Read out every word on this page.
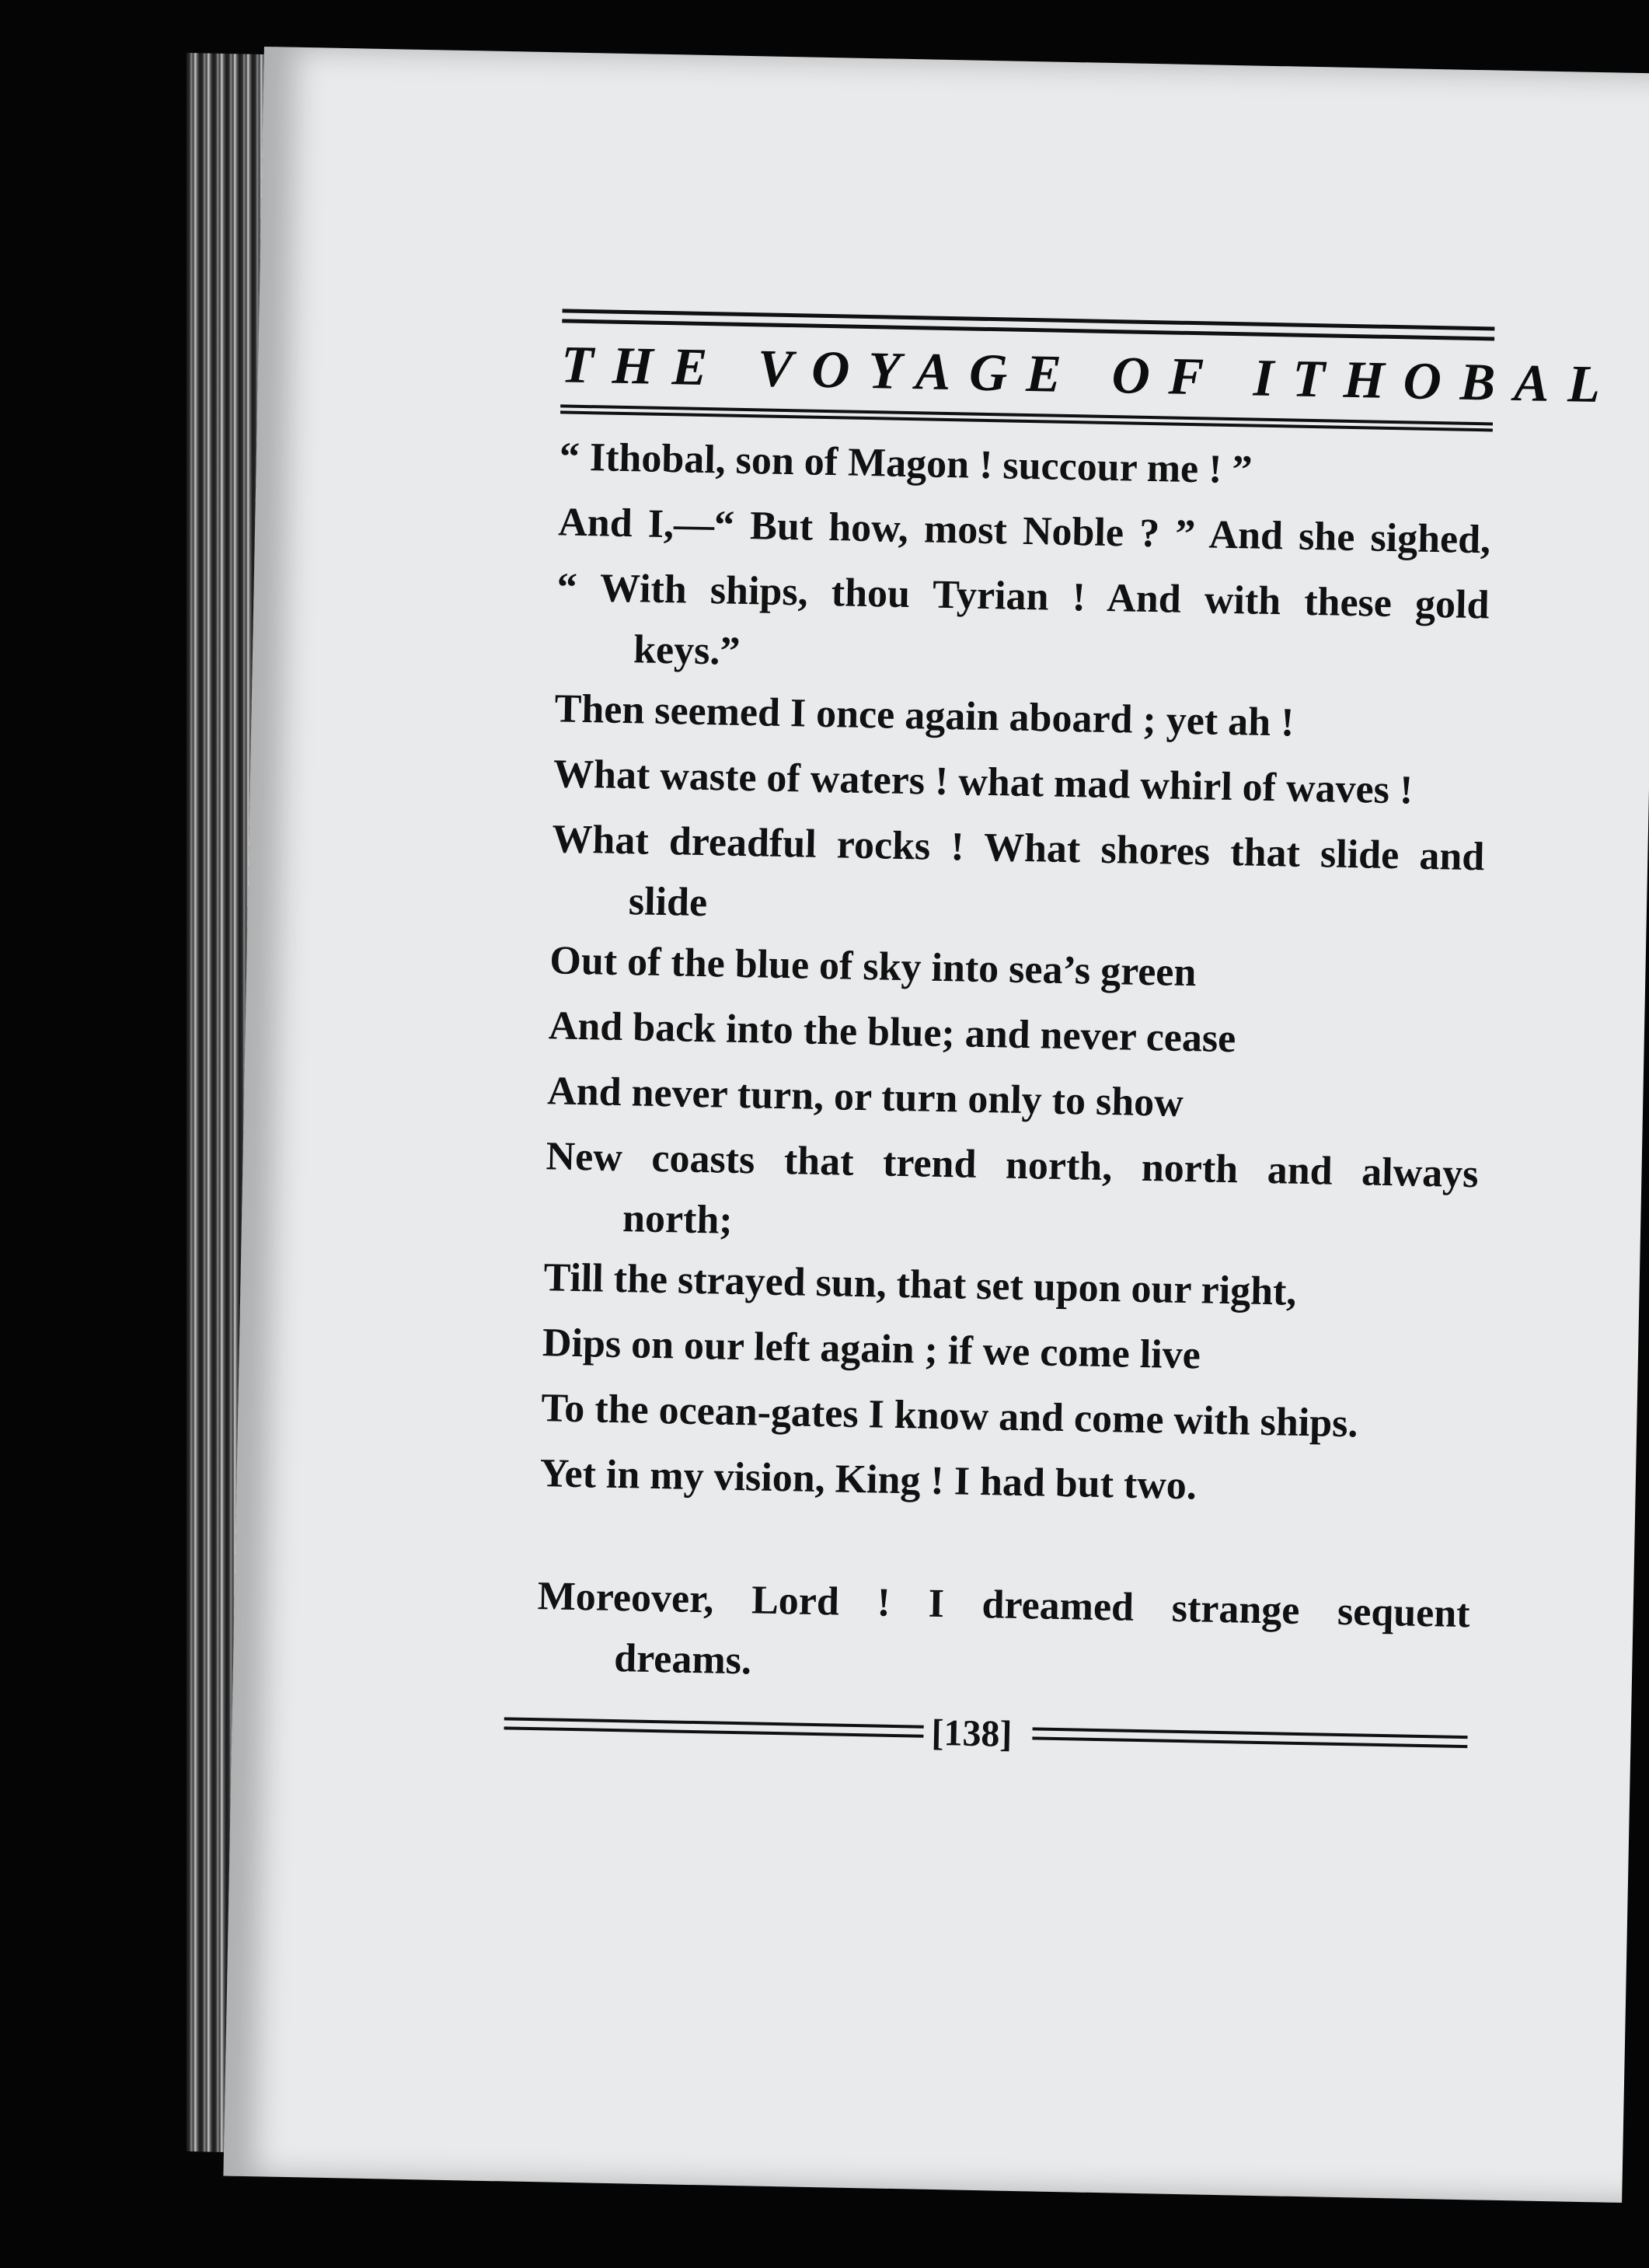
THE VOYAGE OF ITHOBAL
“ Ithobal, son of Magon ! succour me ! ”
And I,—“ But how, most Noble ? ” And she sighed,
“ With ships, thou Tyrian ! And with these gold
keys.”
Then seemed I once again aboard ; yet ah !
What waste of waters ! what mad whirl of waves !
What dreadful rocks ! What shores that slide and
slide
Out of the blue of sky into sea’s green
And back into the blue; and never cease
And never turn, or turn only to show
New coasts that trend north, north and always
north;
Till the strayed sun, that set upon our right,
Dips on our left again ; if we come live
To the ocean-gates I know and come with ships.
Yet in my vision, King ! I had but two.
Moreover, Lord ! I dreamed strange sequent
dreams.
[138]
